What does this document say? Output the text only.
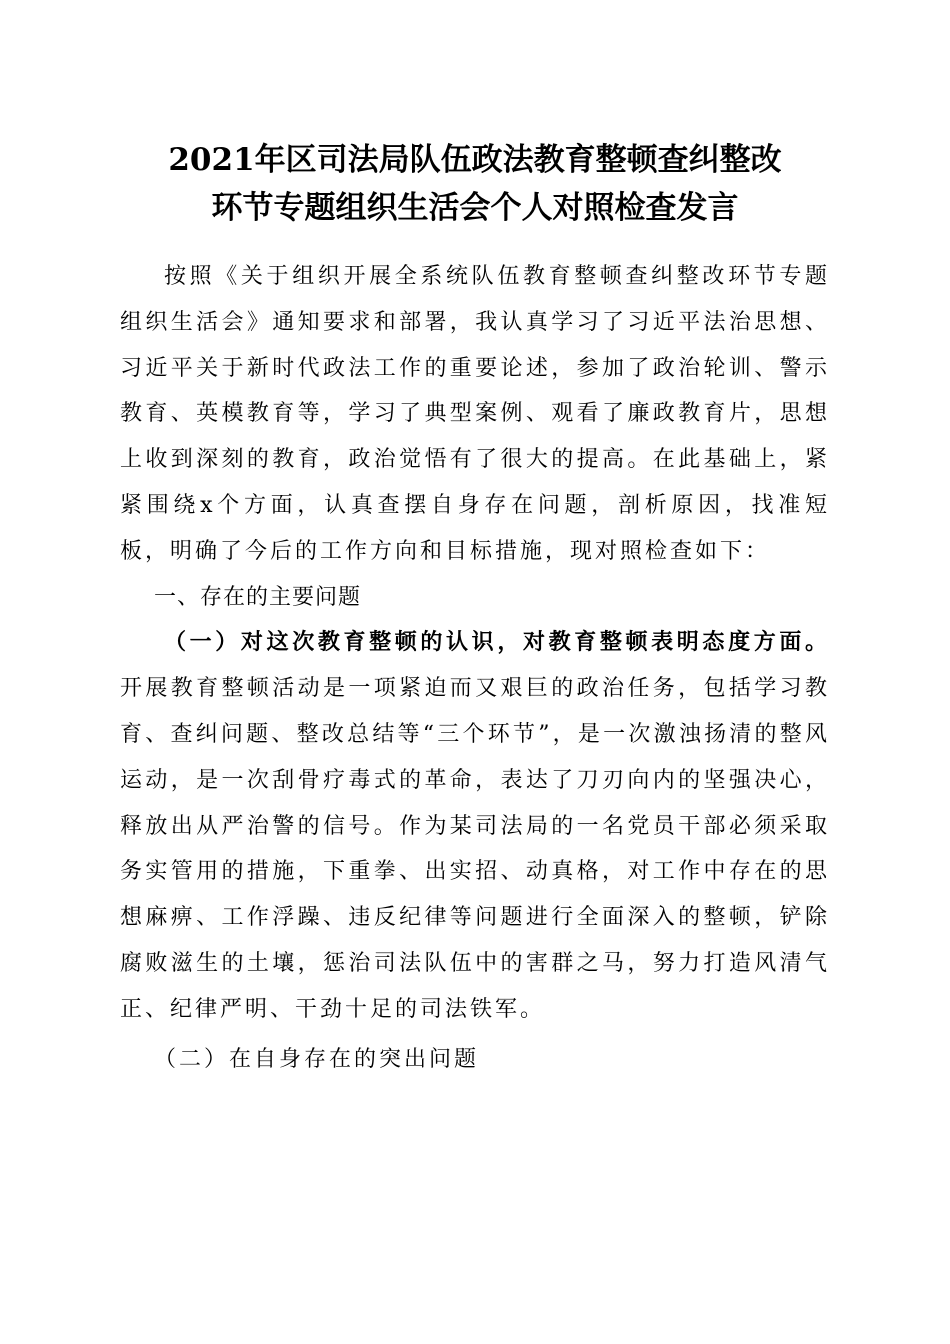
2021年区司法局队伍政法教育整顿查纠整改
环节专题组织生活会个人对照检查发言

按照《关于组织开展全系统队伍教育整顿查纠整改环节专题组织生活会》通知要求和部署，我认真学习了习近平法治思想、习近平关于新时代政法工作的重要论述，参加了政治轮训、警示教育、英模教育等，学习了典型案例、观看了廉政教育片，思想上收到深刻的教育，政治觉悟有了很大的提高。在此基础上，紧紧围绕x个方面，认真查摆自身存在问题，剖析原因，找准短板，明确了今后的工作方向和目标措施，现对照检查如下：

一、存在的主要问题

（一）对这次教育整顿的认识，对教育整顿表明态度方面。开展教育整顿活动是一项紧迫而又艰巨的政治任务，包括学习教育、查纠问题、整改总结等“三个环节”，是一次激浊扬清的整风运动，是一次刮骨疗毒式的革命，表达了刀刃向内的坚强决心，释放出从严治警的信号。作为某司法局的一名党员干部必须采取务实管用的措施，下重拳、出实招、动真格，对工作中存在的思想麻痹、工作浮躁、违反纪律等问题进行全面深入的整顿，铲除腐败滋生的土壤，惩治司法队伍中的害群之马，努力打造风清气正、纪律严明、干劲十足的司法铁军。

（二）在自身存在的突出问题
